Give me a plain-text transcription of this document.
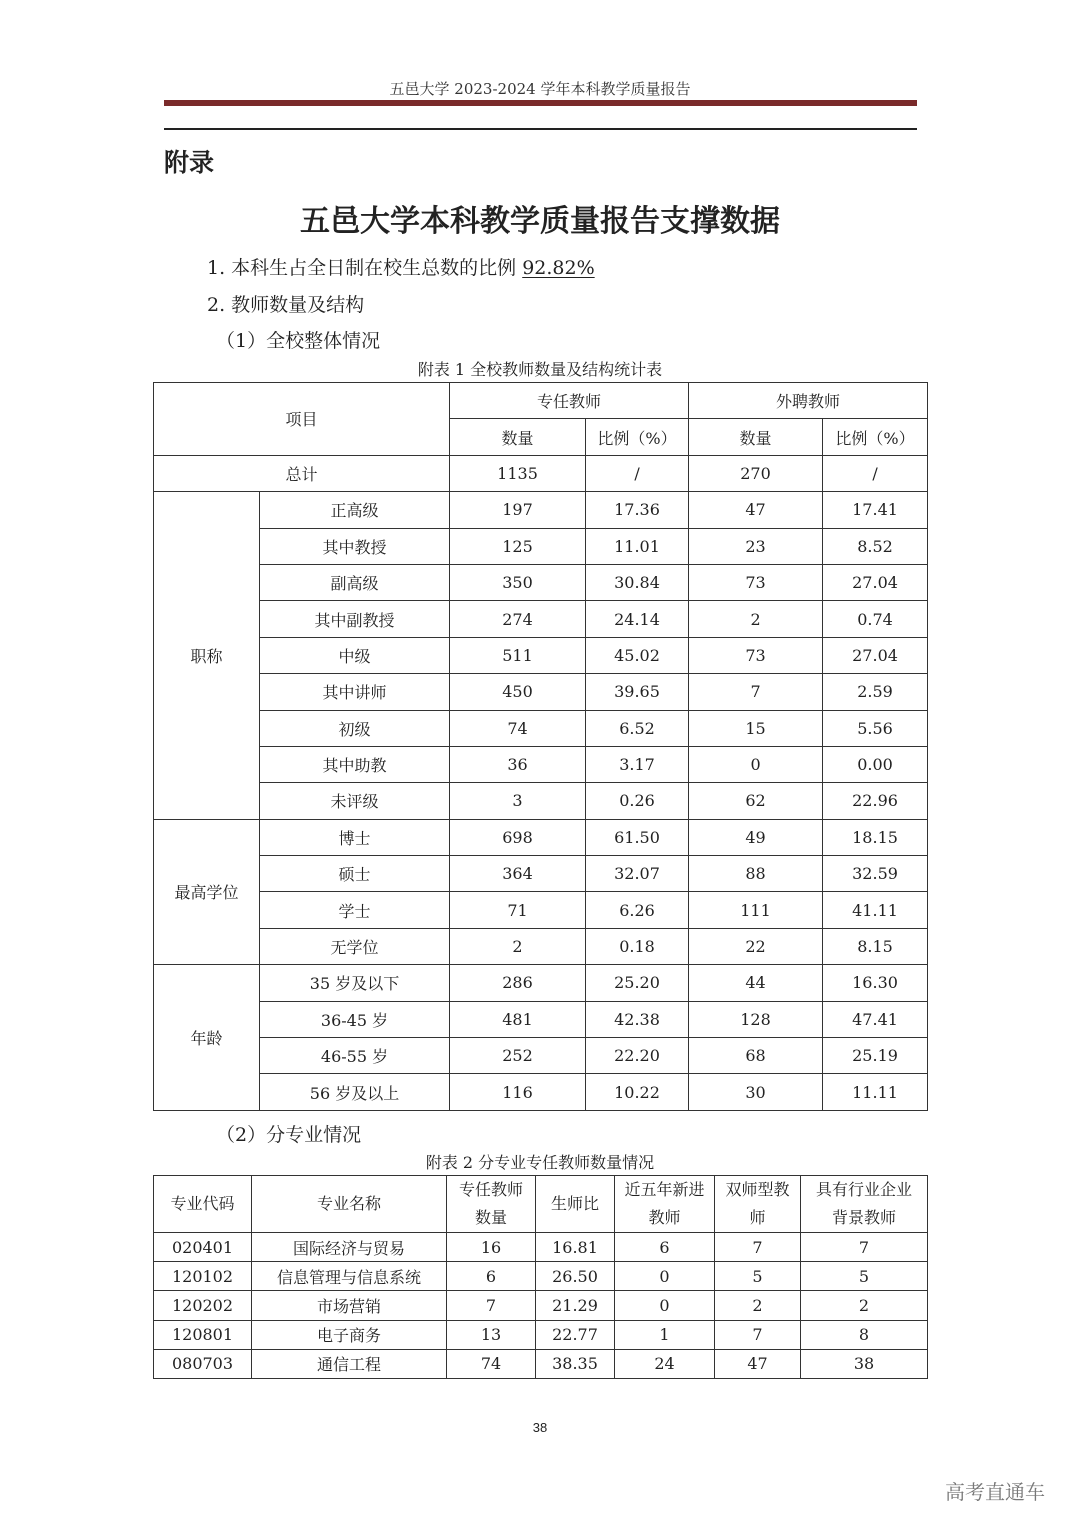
五邑大学 2023-2024 学年本科教学质量报告
附录
五邑大学本科教学质量报告支撑数据
1. 本科生占全日制在校生总数的比例 92.82%
2. 教师数量及结构
（1）全校整体情况
附表 1 全校教师数量及结构统计表
项目		专任教师		外聘教师	
		数量	比例（%）	数量	比例（%）
总计		1135	/	270	/
职称	正高级	197	17.36	47	17.41
	其中教授	125	11.01	23	8.52
	副高级	350	30.84	73	27.04
	其中副教授	274	24.14	2	0.74
	中级	511	45.02	73	27.04
	其中讲师	450	39.65	7	2.59
	初级	74	6.52	15	5.56
	其中助教	36	3.17	0	0.00
	未评级	3	0.26	62	22.96
最高学位	博士	698	61.50	49	18.15
	硕士	364	32.07	88	32.59
	学士	71	6.26	111	41.11
	无学位	2	0.18	22	8.15
年龄	35 岁及以下	286	25.20	44	16.30
	36-45 岁	481	42.38	128	47.41
	46-55 岁	252	22.20	68	25.19
	56 岁及以上	116	10.22	30	11.11
（2）分专业情况
附表 2 分专业专任教师数量情况
专业代码	专业名称	专任教师数量	生师比	近五年新进教师	双师型教师	具有行业企业背景教师
020401	国际经济与贸易	16	16.81	6	7	7
120102	信息管理与信息系统	6	26.50	0	5	5
120202	市场营销	7	21.29	0	2	2
120801	电子商务	13	22.77	1	7	8
080703	通信工程	74	38.35	24	47	38
38
高考直通车
